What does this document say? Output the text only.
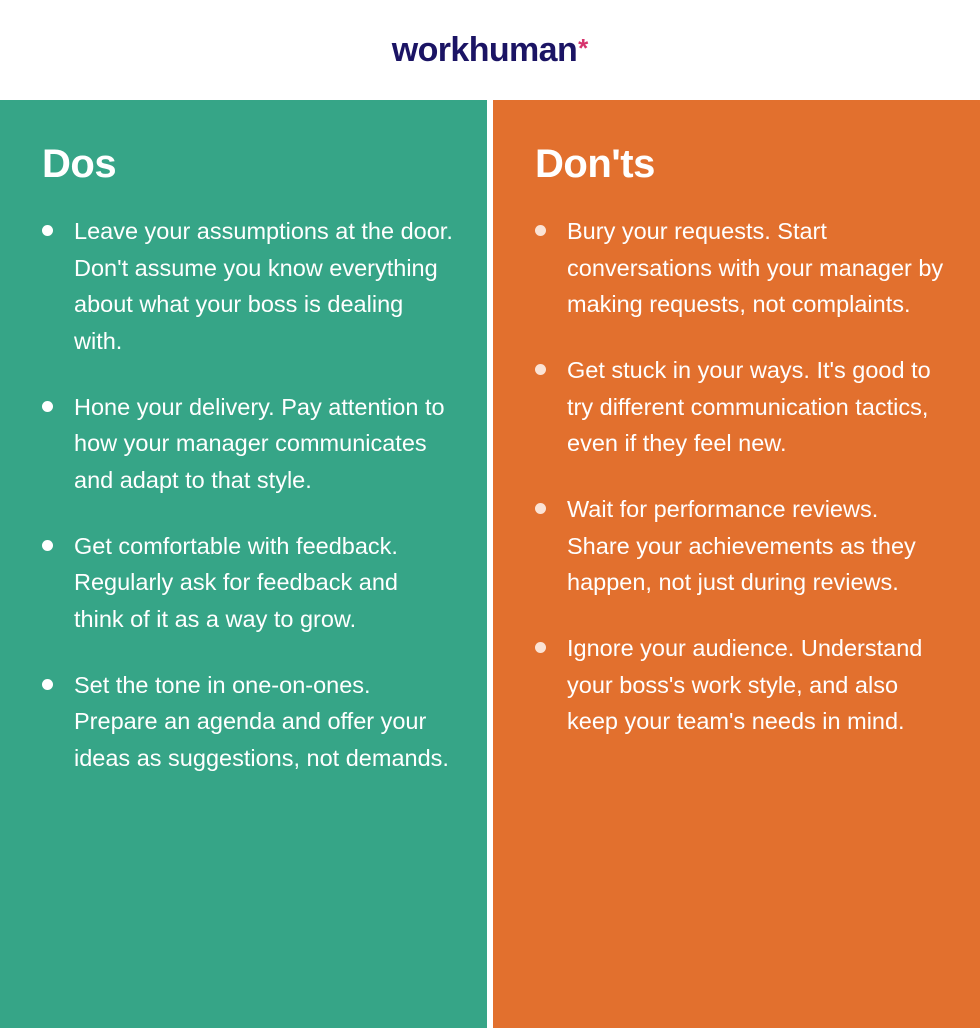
workhuman *
Dos
Leave your assumptions at the door. Don't assume you know everything about what your boss is dealing with.
Hone your delivery. Pay attention to how your manager communicates and adapt to that style.
Get comfortable with feedback. Regularly ask for feedback and think of it as a way to grow.
Set the tone in one-on-ones. Prepare an agenda and offer your ideas as suggestions, not demands.
Don'ts
Bury your requests. Start conversations with your manager by making requests, not complaints.
Get stuck in your ways. It's good to try different communication tactics, even if they feel new.
Wait for performance reviews. Share your achievements as they happen, not just during reviews.
Ignore your audience. Understand your boss's work style, and also keep your team's needs in mind.
